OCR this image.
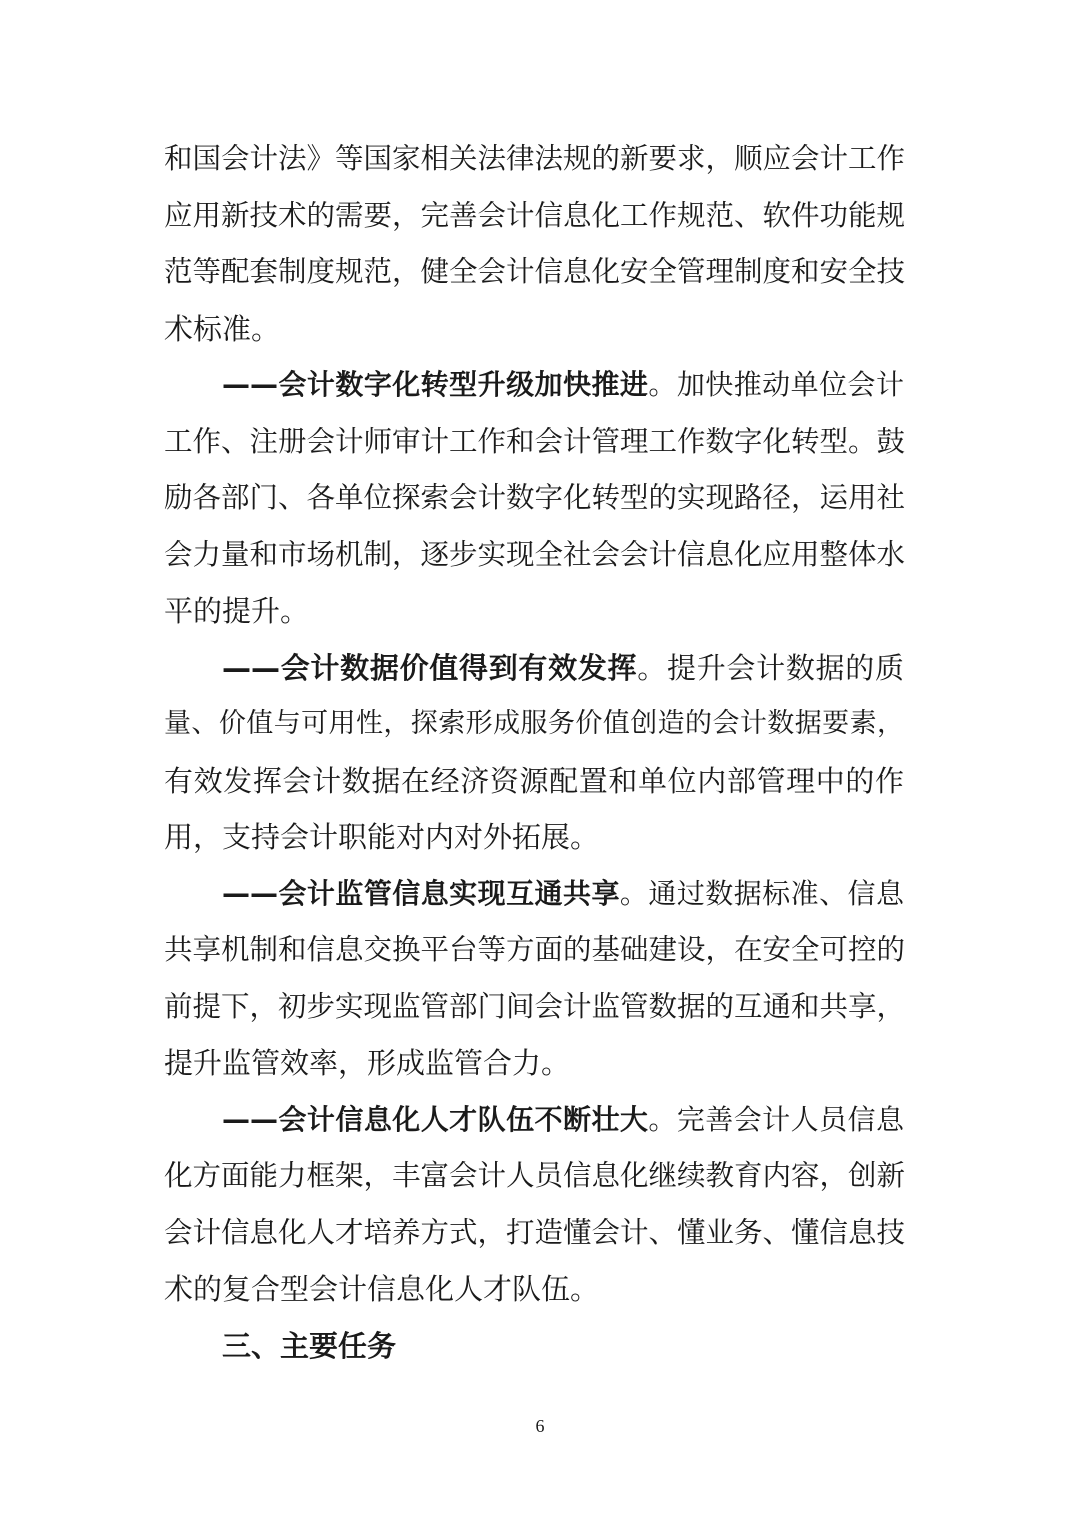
和国会计法》等国家相关法律法规的新要求，顺应会计工作
应用新技术的需要，完善会计信息化工作规范、软件功能规
范等配套制度规范，健全会计信息化安全管理制度和安全技
术标准。
——会计数字化转型升级加快推进。加快推动单位会计
工作、注册会计师审计工作和会计管理工作数字化转型。鼓
励各部门、各单位探索会计数字化转型的实现路径，运用社
会力量和市场机制，逐步实现全社会会计信息化应用整体水
平的提升。
——会计数据价值得到有效发挥。提升会计数据的质
量、价值与可用性，探索形成服务价值创造的会计数据要素，
有效发挥会计数据在经济资源配置和单位内部管理中的作
用，支持会计职能对内对外拓展。
——会计监管信息实现互通共享。通过数据标准、信息
共享机制和信息交换平台等方面的基础建设，在安全可控的
前提下，初步实现监管部门间会计监管数据的互通和共享，
提升监管效率，形成监管合力。
——会计信息化人才队伍不断壮大。完善会计人员信息
化方面能力框架，丰富会计人员信息化继续教育内容，创新
会计信息化人才培养方式，打造懂会计、懂业务、懂信息技
术的复合型会计信息化人才队伍。
三、主要任务
6
